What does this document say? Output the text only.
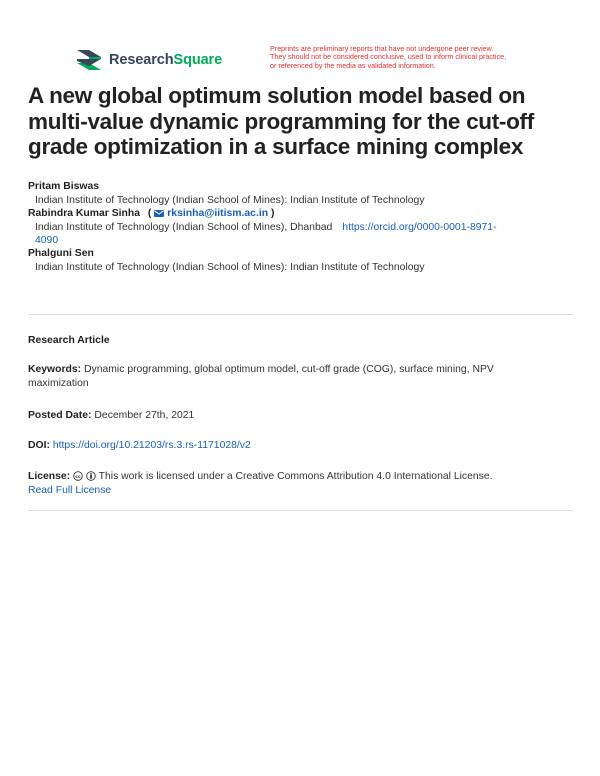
ResearchSquare
Preprints are preliminary reports that have not undergone peer review.
They should not be considered conclusive, used to inform clinical practice,
or referenced by the media as validated information.
A new global optimum solution model based on
multi-value dynamic programming for the cut-off
grade optimization in a surface mining complex
Pritam Biswas
Indian Institute of Technology (Indian School of Mines): Indian Institute of Technology
Rabindra Kumar Sinha ( rksinha@iitism.ac.in )
Indian Institute of Technology (Indian School of Mines), Dhanbad https://orcid.org/0000-0001-8971-
4090
Phalguni Sen
Indian Institute of Technology (Indian School of Mines): Indian Institute of Technology
Research Article
Keywords: Dynamic programming, global optimum model, cut-off grade (COG), surface mining, NPV
maximization
Posted Date: December 27th, 2021
DOI: https://doi.org/10.21203/rs.3.rs-1171028/v2
License: cc This work is licensed under a Creative Commons Attribution 4.0 International License.
Read Full License
